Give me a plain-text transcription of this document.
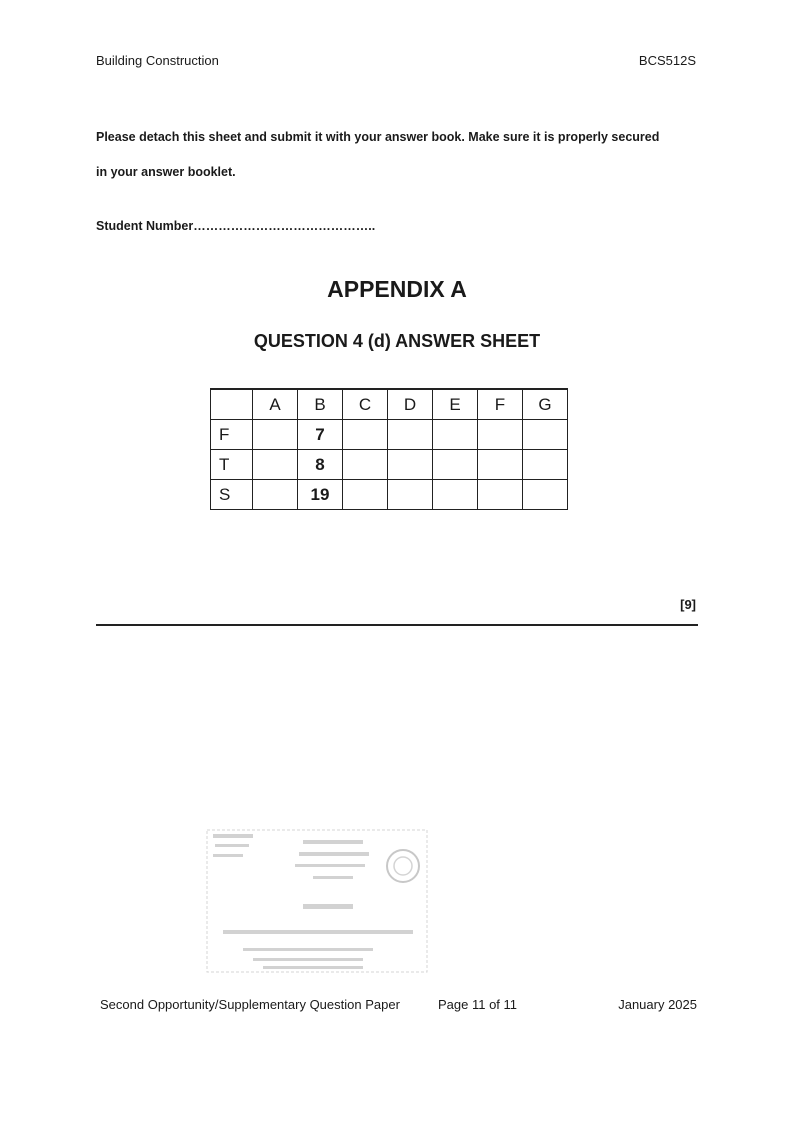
Building Construction	BCS512S

Please detach this sheet and submit it with your answer book. Make sure it is properly secured

in your answer booklet.

Student Number……………………………………..
APPENDIX A
QUESTION 4 (d) ANSWER SHEET
	A	B	C	D	E	F	G
F		7					
T		8					
S		19					
[9]
Second Opportunity/Supplementary Question Paper	Page 11 of 11	January 2025
